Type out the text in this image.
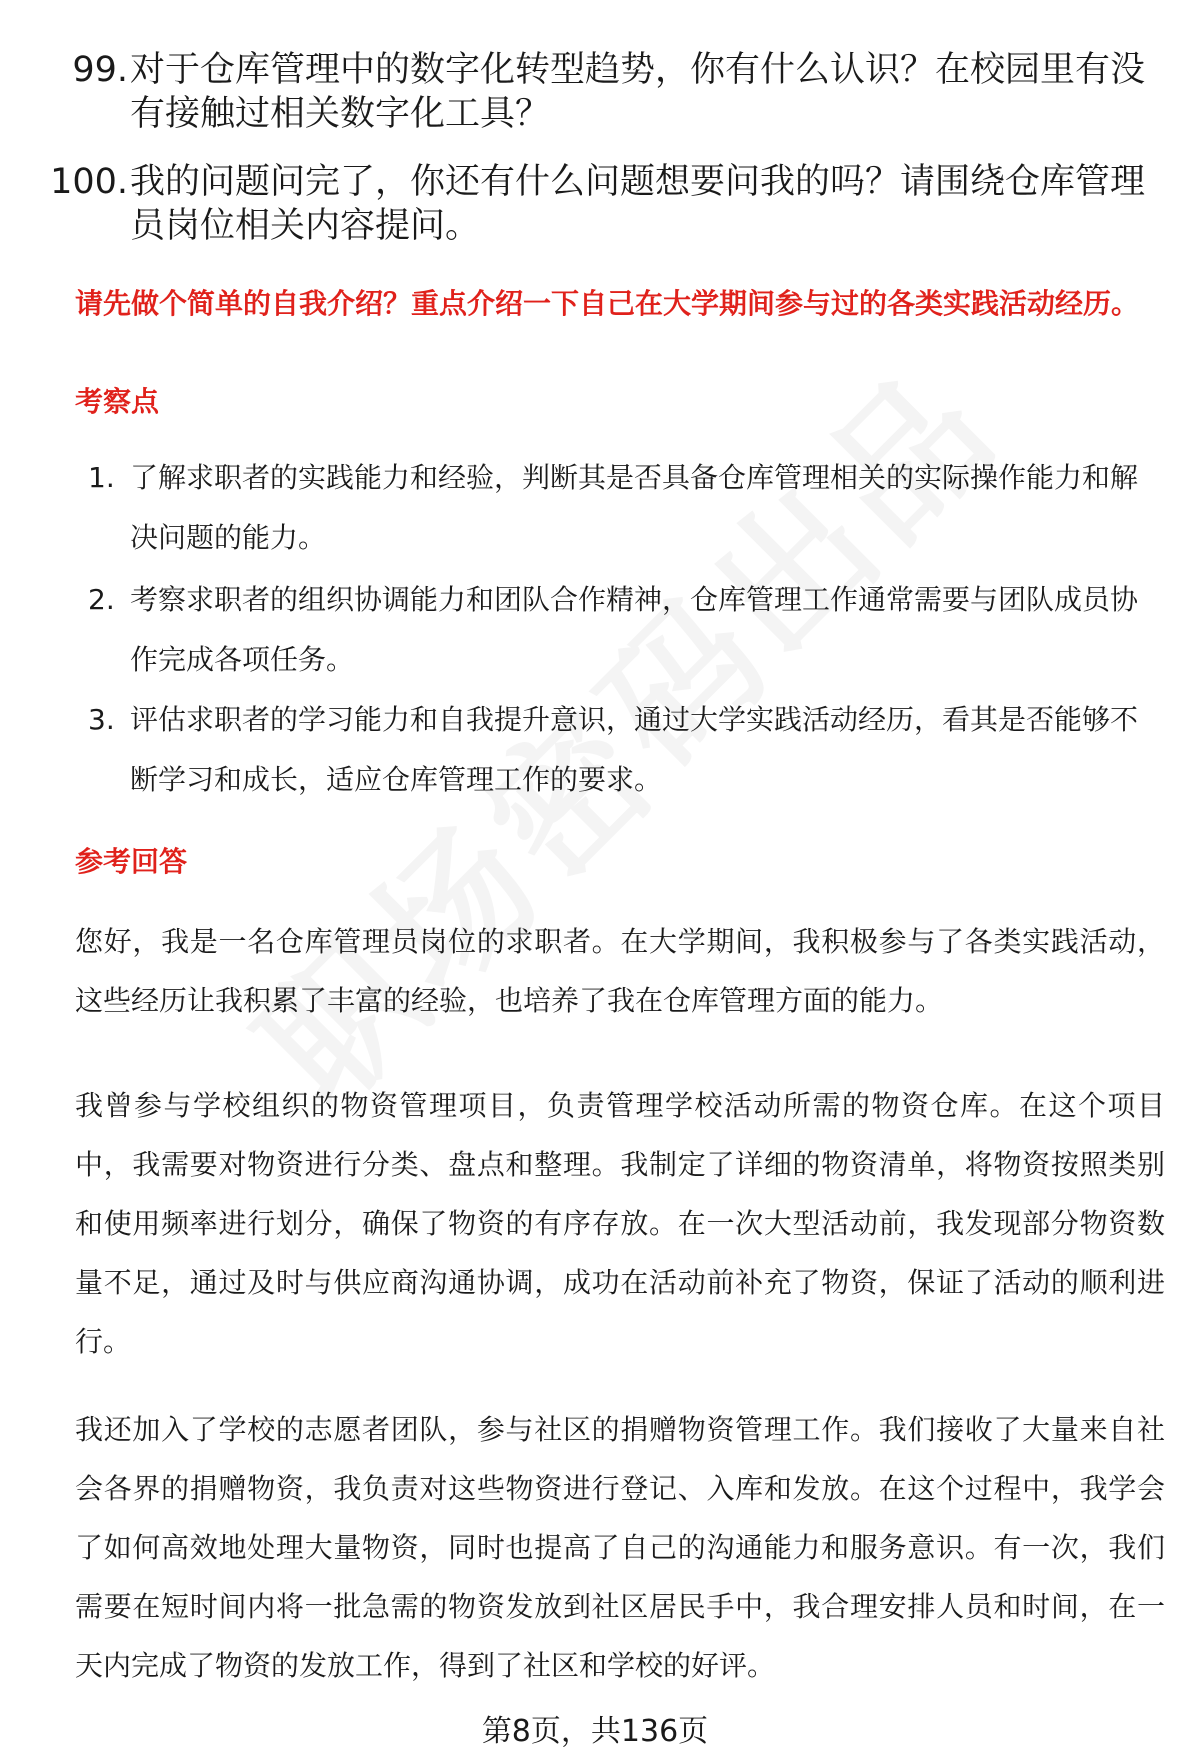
99. 对于仓库管理中的数字化转型趋势，你有什么认识？在校园里有没有接触过相关数字化工具？
100. 我的问题问完了，你还有什么问题想要问我的吗？请围绕仓库管理员岗位相关内容提问。
请先做个简单的自我介绍？重点介绍一下自己在大学期间参与过的各类实践活动经历。
考察点
1. 了解求职者的实践能力和经验，判断其是否具备仓库管理相关的实际操作能力和解决问题的能力。
2. 考察求职者的组织协调能力和团队合作精神，仓库管理工作通常需要与团队成员协作完成各项任务。
3. 评估求职者的学习能力和自我提升意识，通过大学实践活动经历，看其是否能够不断学习和成长，适应仓库管理工作的要求。
参考回答
您好，我是一名仓库管理员岗位的求职者。在大学期间，我积极参与了各类实践活动，这些经历让我积累了丰富的经验，也培养了我在仓库管理方面的能力。
我曾参与学校组织的物资管理项目，负责管理学校活动所需的物资仓库。在这个项目中，我需要对物资进行分类、盘点和整理。我制定了详细的物资清单，将物资按照类别和使用频率进行划分，确保了物资的有序存放。在一次大型活动前，我发现部分物资数量不足，通过及时与供应商沟通协调，成功在活动前补充了物资，保证了活动的顺利进行。
我还加入了学校的志愿者团队，参与社区的捐赠物资管理工作。我们接收了大量来自社会各界的捐赠物资，我负责对这些物资进行登记、入库和发放。在这个过程中，我学会了如何高效地处理大量物资，同时也提高了自己的沟通能力和服务意识。有一次，我们需要在短时间内将一批急需的物资发放到社区居民手中，我合理安排人员和时间，在一天内完成了物资的发放工作，得到了社区和学校的好评。
第8页，共136页
